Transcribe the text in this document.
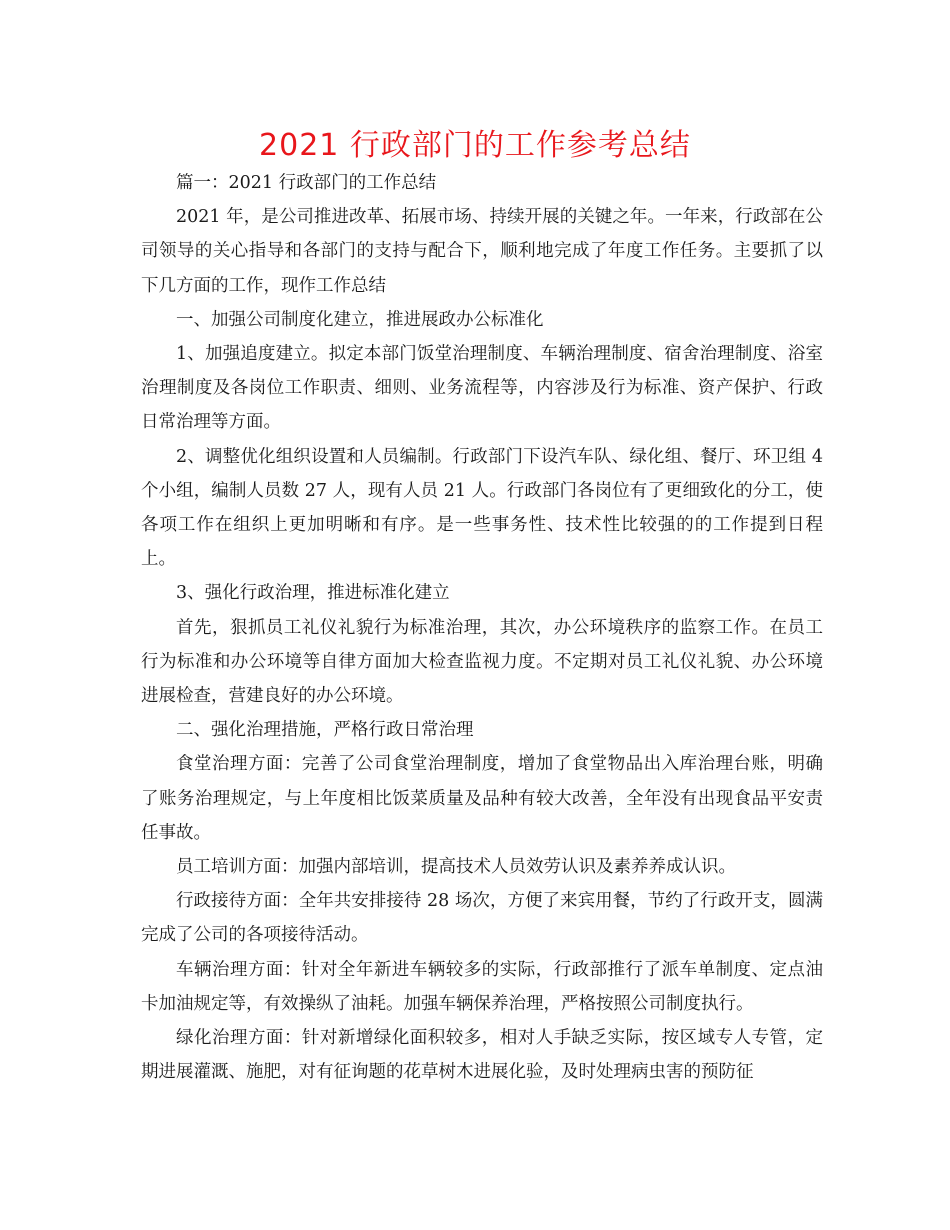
2021 行政部门的工作参考总结

篇一：2021 行政部门的工作总结

2021 年，是公司推进改革、拓展市场、持续开展的关键之年。一年来，行政部在公司领导的关心指导和各部门的支持与配合下，顺利地完成了年度工作任务。主要抓了以下几方面的工作，现作工作总结

一、加强公司制度化建立，推进展政办公标准化

1、加强追度建立。拟定本部门饭堂治理制度、车辆治理制度、宿舍治理制度、浴室治理制度及各岗位工作职责、细则、业务流程等，内容涉及行为标准、资产保护、行政日常治理等方面。

2、调整优化组织设置和人员编制。行政部门下设汽车队、绿化组、餐厅、环卫组 4 个小组，编制人员数 27 人，现有人员 21 人。行政部门各岗位有了更细致化的分工，使各项工作在组织上更加明晰和有序。是一些事务性、技术性比较强的的工作提到日程上。

3、强化行政治理，推进标准化建立

首先，狠抓员工礼仪礼貌行为标准治理，其次，办公环境秩序的监察工作。在员工行为标准和办公环境等自律方面加大检查监视力度。不定期对员工礼仪礼貌、办公环境进展检查，营建良好的办公环境。

二、强化治理措施，严格行政日常治理

食堂治理方面：完善了公司食堂治理制度，增加了食堂物品出入库治理台账，明确了账务治理规定，与上年度相比饭菜质量及品种有较大改善，全年没有出现食品平安责任事故。

员工培训方面：加强内部培训，提高技术人员效劳认识及素养养成认识。

行政接待方面：全年共安排接待 28 场次，方便了来宾用餐，节约了行政开支，圆满完成了公司的各项接待活动。

车辆治理方面：针对全年新进车辆较多的实际，行政部推行了派车单制度、定点油卡加油规定等，有效操纵了油耗。加强车辆保养治理，严格按照公司制度执行。

绿化治理方面：针对新增绿化面积较多，相对人手缺乏实际，按区域专人专管，定期进展灌溉、施肥，对有征询题的花草树木进展化验，及时处理病虫害的预防征
